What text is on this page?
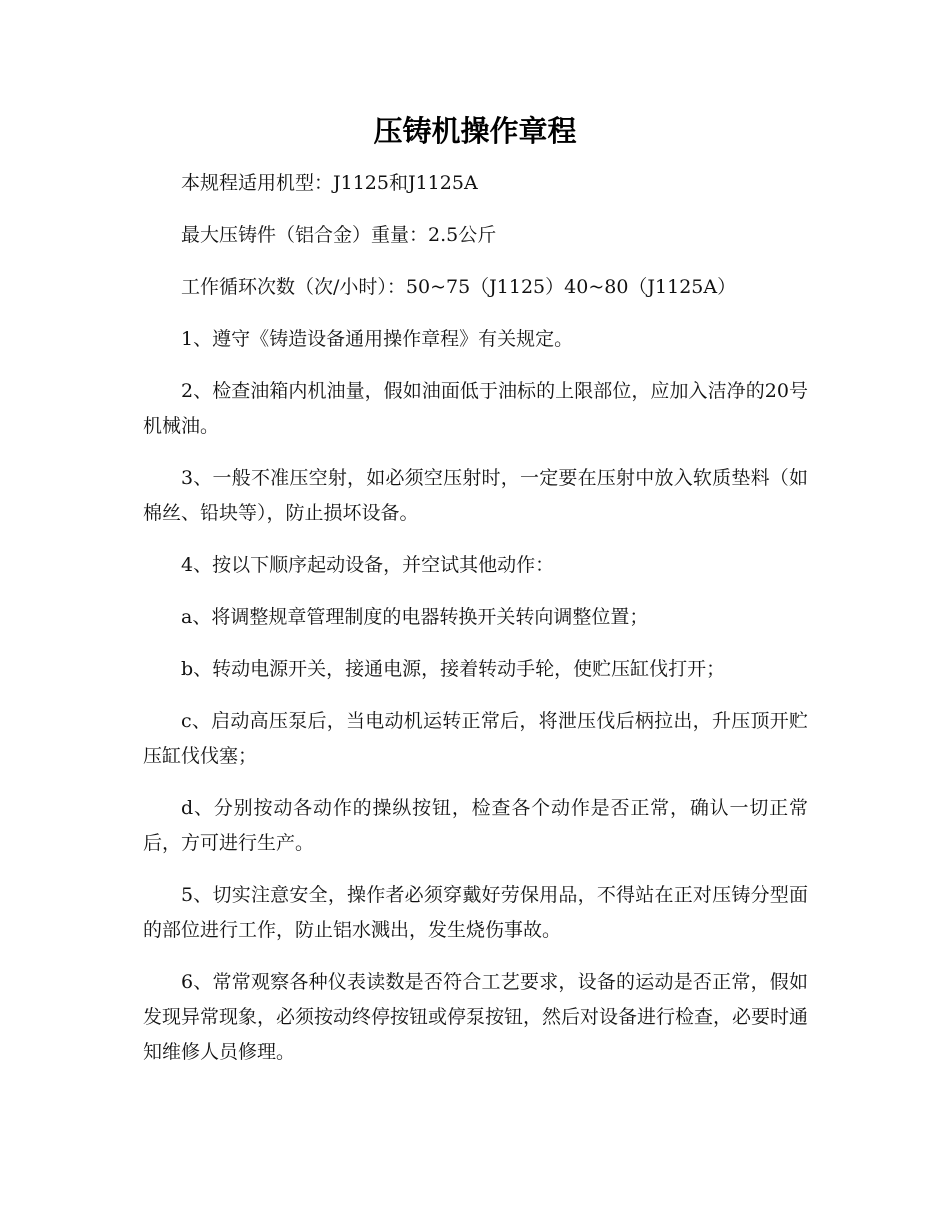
压铸机操作章程

本规程适用机型：J1125和J1125A

最大压铸件（铝合金）重量：2.5公斤

工作循环次数（次/小时）：50~75（J1125）40~80（J1125A）

1、遵守《铸造设备通用操作章程》有关规定。

2、检查油箱内机油量，假如油面低于油标的上限部位，应加入洁净的20号机械油。

3、一般不准压空射，如必须空压射时，一定要在压射中放入软质垫料（如棉丝、铅块等），防止损坏设备。

4、按以下顺序起动设备，并空试其他动作：

a、将调整规章管理制度的电器转换开关转向调整位置；

b、转动电源开关，接通电源，接着转动手轮，使贮压缸伐打开；

c、启动高压泵后，当电动机运转正常后，将泄压伐后柄拉出，升压顶开贮压缸伐伐塞；

d、分别按动各动作的操纵按钮，检查各个动作是否正常，确认一切正常后，方可进行生产。

5、切实注意安全，操作者必须穿戴好劳保用品，不得站在正对压铸分型面的部位进行工作，防止铝水溅出，发生烧伤事故。

6、常常观察各种仪表读数是否符合工艺要求，设备的运动是否正常，假如发现异常现象，必须按动终停按钮或停泵按钮，然后对设备进行检查，必要时通知维修人员修理。
